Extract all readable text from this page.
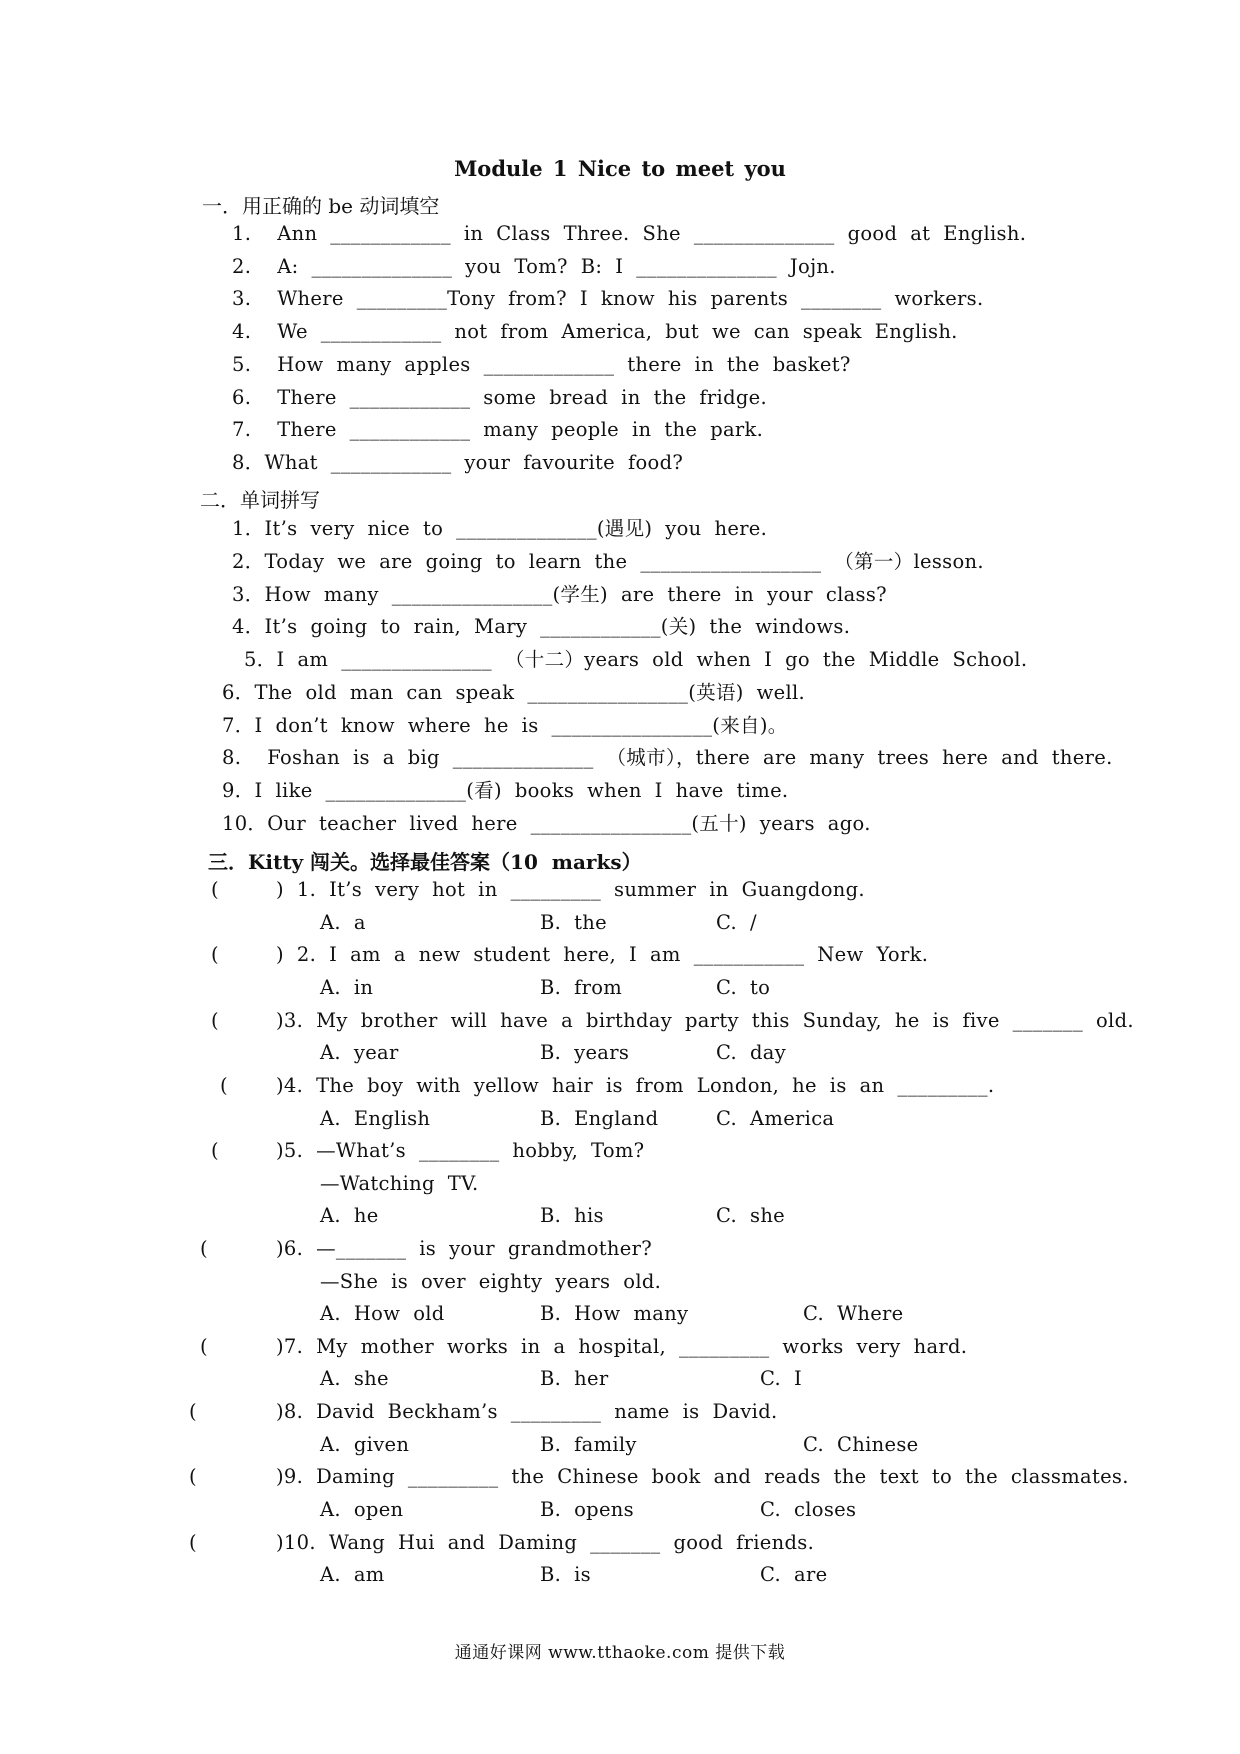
Module 1 Nice to meet you
一．用正确的 be 动词填空
1.    Ann  ____________  in  Class  Three.  She  ______________  good  at  English.
2.    A:  ______________  you  Tom?  B:  I  ______________  Jojn.
3.    Where  _________Tony  from?  I  know  his  parents  ________  workers.
4.    We  ____________  not  from  America,  but  we  can  speak  English.
5.    How  many  apples  _____________  there  in  the  basket?
6.    There  ____________  some  bread  in  the  fridge.
7.    There  ____________  many  people  in  the  park.
8．What  ____________  your  favourite  food?
二．单词拼写
1．It’s  very  nice  to  ______________(遇见)  you  here.
2．Today  we  are  going  to  learn  the  __________________  （第一）lesson.
3．How  many  ________________(学生)  are  there  in  your  class?
4．It’s  going  to  rain,  Mary  ____________(关)  the  windows.
5．I  am  _______________  （十二）years  old  when  I  go  the  Middle  School.
6．The  old  man  can  speak  ________________(英语)  well.
7．I  don’t  know  where  he  is  ________________(来自)。
8.    Foshan  is  a  big  ______________  （城市），there  are  many  trees  here  and  there.
9．I  like  ______________(看)  books  when  I  have  time.
10．Our  teacher  lived  here  ________________(五十)  years  ago.
三．Kitty 闯关。选择最佳答案（10  marks）
(	)  1.  It’s  very  hot  in  _________  summer  in  Guangdong.
A.  a	B.  the	C.  /
(	)  2.  I  am  a  new  student  here,  I  am  ___________  New  York.
A.  in	B.  from	C.  to
(	)3.  My  brother  will  have  a  birthday  party  this  Sunday,  he  is  five  _______  old.
A.  year	B.  years	C.  day
( )4.  The  boy  with  yellow  hair  is  from  London,  he  is  an  _________.
A.  English	B.  England	C.  America
(	)5.  —What’s  ________  hobby,  Tom?
—Watching  TV.
A.  he	B.  his	C.  she
(	)6.  —_______  is  your  grandmother?
—She  is  over  eighty  years  old.
A.  How  old	B.  How  many	C.  Where
(	)7.  My  mother  works  in  a  hospital,  _________  works  very  hard.
A.  she	B.  her	C.  I
(	)8.  David  Beckham’s  _________  name  is  David.
A.  given	B.  family	C.  Chinese
(	)9.  Daming  _________  the  Chinese  book  and  reads  the  text  to  the  classmates.
A.  open	B.  opens	C.  closes
(	)10.  Wang  Hui  and  Daming  _______  good  friends.
A.  am	B.  is	C.  are
通通好课网 www.tthaoke.com 提供下载
